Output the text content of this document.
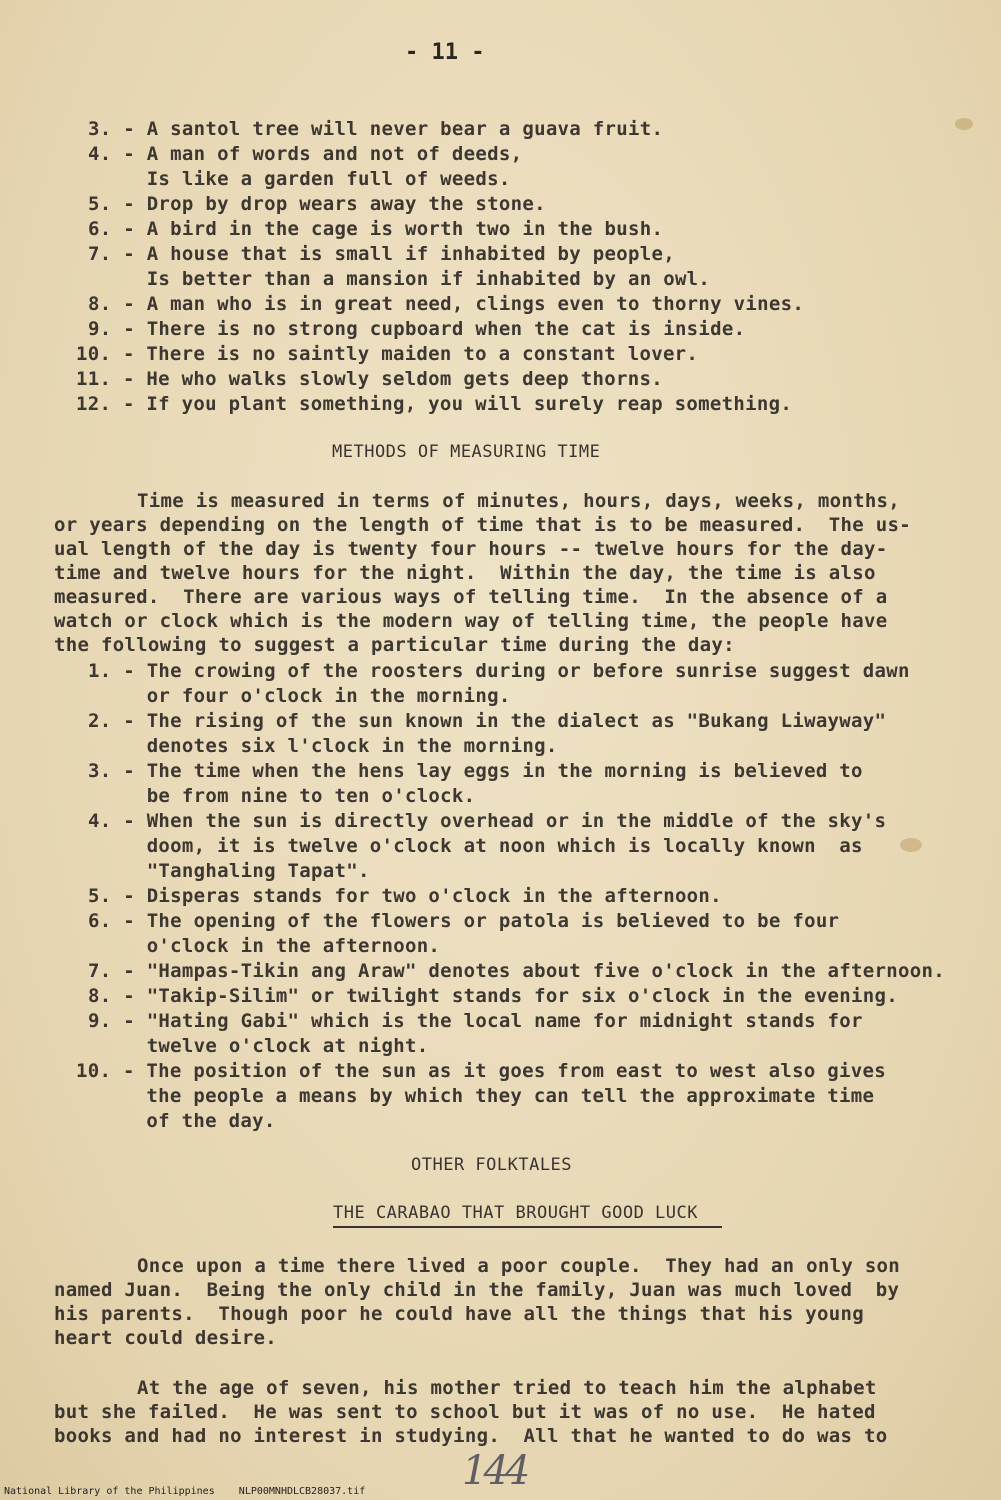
- 11 -
3. - A santol tree will never bear a guava fruit.
4. - A man of words and not of deeds,
Is like a garden full of weeds.
5. - Drop by drop wears away the stone.
6. - A bird in the cage is worth two in the bush.
7. - A house that is small if inhabited by people,
Is better than a mansion if inhabited by an owl.
8. - A man who is in great need, clings even to thorny vines.
9. - There is no strong cupboard when the cat is inside.
10. - There is no saintly maiden to a constant lover.
11. - He who walks slowly seldom gets deep thorns.
12. - If you plant something, you will surely reap something.
METHODS OF MEASURING TIME
Time is measured in terms of minutes, hours, days, weeks, months,
or years depending on the length of time that is to be measured.  The us-
ual length of the day is twenty four hours -- twelve hours for the day-
time and twelve hours for the night.  Within the day, the time is also
measured.  There are various ways of telling time.  In the absence of a
watch or clock which is the modern way of telling time, the people have
the following to suggest a particular time during the day:
1. - The crowing of the roosters during or before sunrise suggest dawn
or four o'clock in the morning.
2. - The rising of the sun known in the dialect as "Bukang Liwayway"
denotes six l'clock in the morning.
3. - The time when the hens lay eggs in the morning is believed to
be from nine to ten o'clock.
4. - When the sun is directly overhead or in the middle of the sky's
doom, it is twelve o'clock at noon which is locally known  as
"Tanghaling Tapat".
5. - Disperas stands for two o'clock in the afternoon.
6. - The opening of the flowers or patola is believed to be four
o'clock in the afternoon.
7. - "Hampas-Tikin ang Araw" denotes about five o'clock in the afternoon.
8. - "Takip-Silim" or twilight stands for six o'clock in the evening.
9. - "Hating Gabi" which is the local name for midnight stands for
twelve o'clock at night.
10. - The position of the sun as it goes from east to west also gives
the people a means by which they can tell the approximate time
of the day.
OTHER FOLKTALES
THE CARABAO THAT BROUGHT GOOD LUCK
Once upon a time there lived a poor couple.  They had an only son
named Juan.  Being the only child in the family, Juan was much loved  by
his parents.  Though poor he could have all the things that his young
heart could desire.
At the age of seven, his mother tried to teach him the alphabet
but she failed.  He was sent to school but it was of no use.  He hated
books and had no interest in studying.  All that he wanted to do was to
144
National Library of the Philippines    NLP00MNHDLCB28037.tif
